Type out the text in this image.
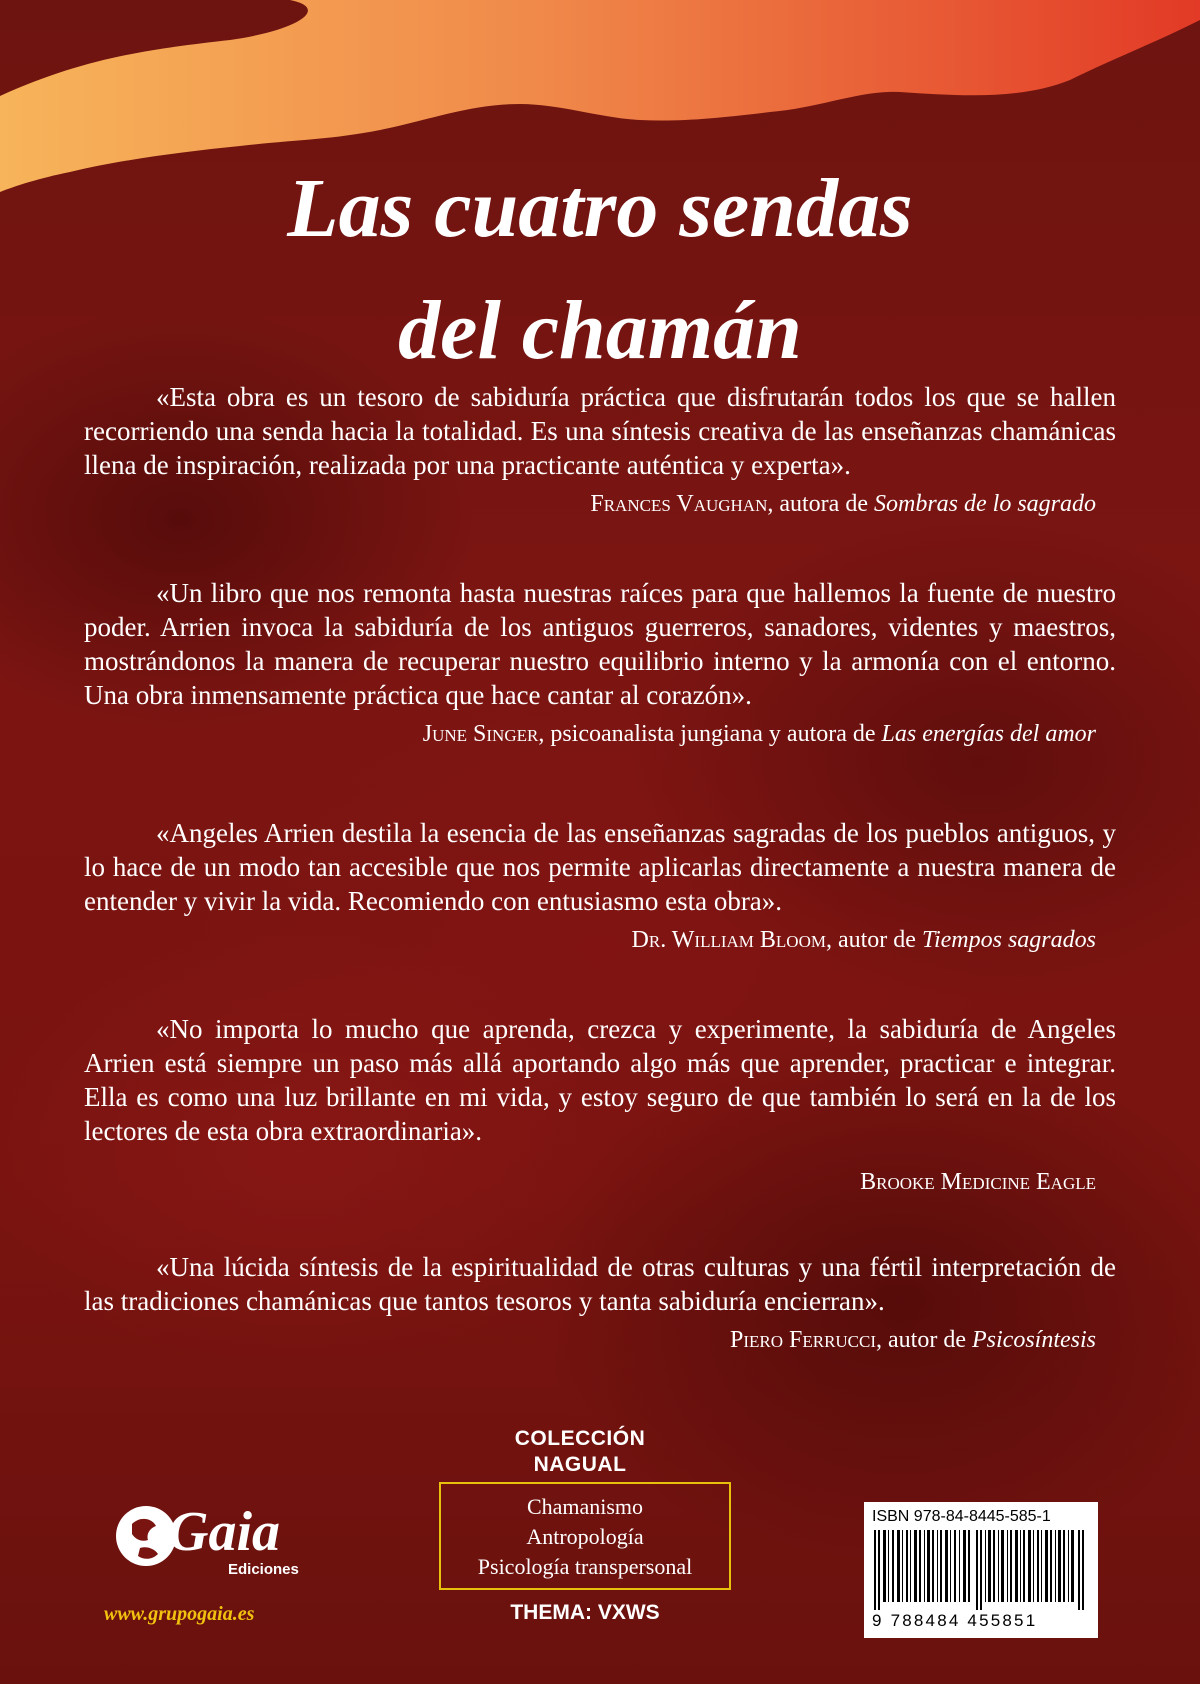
Las cuatro sendas
del chamán

«Esta obra es un tesoro de sabiduría práctica que disfrutarán todos los que se hallen recorriendo una senda hacia la totalidad. Es una síntesis creativa de las enseñanzas chamánicas llena de inspiración, realizada por una practicante auténtica y experta».

Frances Vaughan, autora de Sombras de lo sagrado

«Un libro que nos remonta hasta nuestras raíces para que hallemos la fuente de nuestro poder. Arrien invoca la sabiduría de los antiguos guerreros, sanadores, videntes y maestros, mostrándonos la manera de recuperar nuestro equilibrio interno y la armonía con el entorno. Una obra inmensamente práctica que hace cantar al corazón».

June Singer, psicoanalista jungiana y autora de Las energías del amor

«Angeles Arrien destila la esencia de las enseñanzas sagradas de los pueblos antiguos, y lo hace de un modo tan accesible que nos permite aplicarlas directamente a nuestra manera de entender y vivir la vida. Recomiendo con entusiasmo esta obra».

Dr. William Bloom, autor de Tiempos sagrados

«No importa lo mucho que aprenda, crezca y experimente, la sabiduría de Angeles Arrien está siempre un paso más allá aportando algo más que aprender, practicar e integrar. Ella es como una luz brillante en mi vida, y estoy seguro de que también lo será en la de los lectores de esta obra extraordinaria».

Brooke Medicine Eagle

«Una lúcida síntesis de la espiritualidad de otras culturas y una fértil interpretación de las tradiciones chamánicas que tantos tesoros y tanta sabiduría encierran».

Piero Ferrucci, autor de Psicosíntesis

COLECCIÓN
NAGUAL
Chamanismo
Antropología
Psicología transpersonal
THEMA: VXWS
Gaia
Ediciones
www.grupogaia.es

ISBN 978-84-8445-585-1

9 788484 455851
